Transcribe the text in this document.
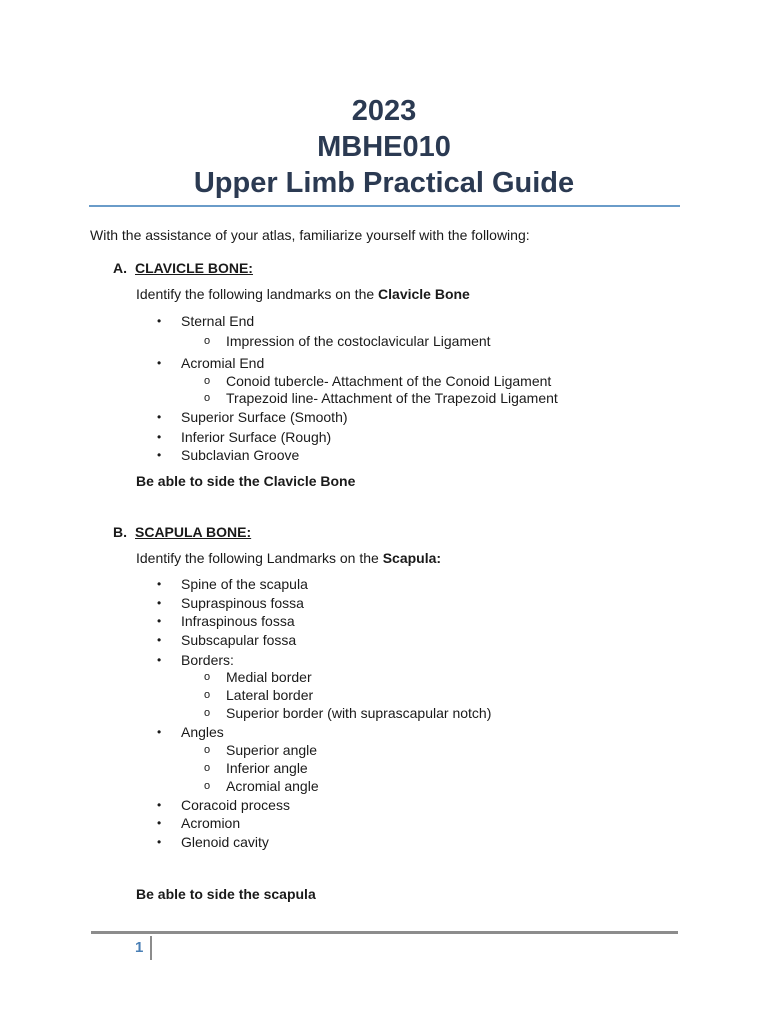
2023
MBHE010
Upper Limb Practical Guide
With the assistance of your atlas, familiarize yourself with the following:
A. CLAVICLE BONE:
Identify the following landmarks on the Clavicle Bone
• Sternal End
o Impression of the costoclavicular Ligament
• Acromial End
o Conoid tubercle- Attachment of the Conoid Ligament
o Trapezoid line- Attachment of the Trapezoid Ligament
• Superior Surface (Smooth)
• Inferior Surface (Rough)
• Subclavian Groove
Be able to side the Clavicle Bone
B. SCAPULA BONE:
Identify the following Landmarks on the Scapula:
• Spine of the scapula
• Supraspinous fossa
• Infraspinous fossa
• Subscapular fossa
• Borders:
o Medial border
o Lateral border
o Superior border (with suprascapular notch)
• Angles
o Superior angle
o Inferior angle
o Acromial angle
• Coracoid process
• Acromion
• Glenoid cavity
Be able to side the scapula
1
